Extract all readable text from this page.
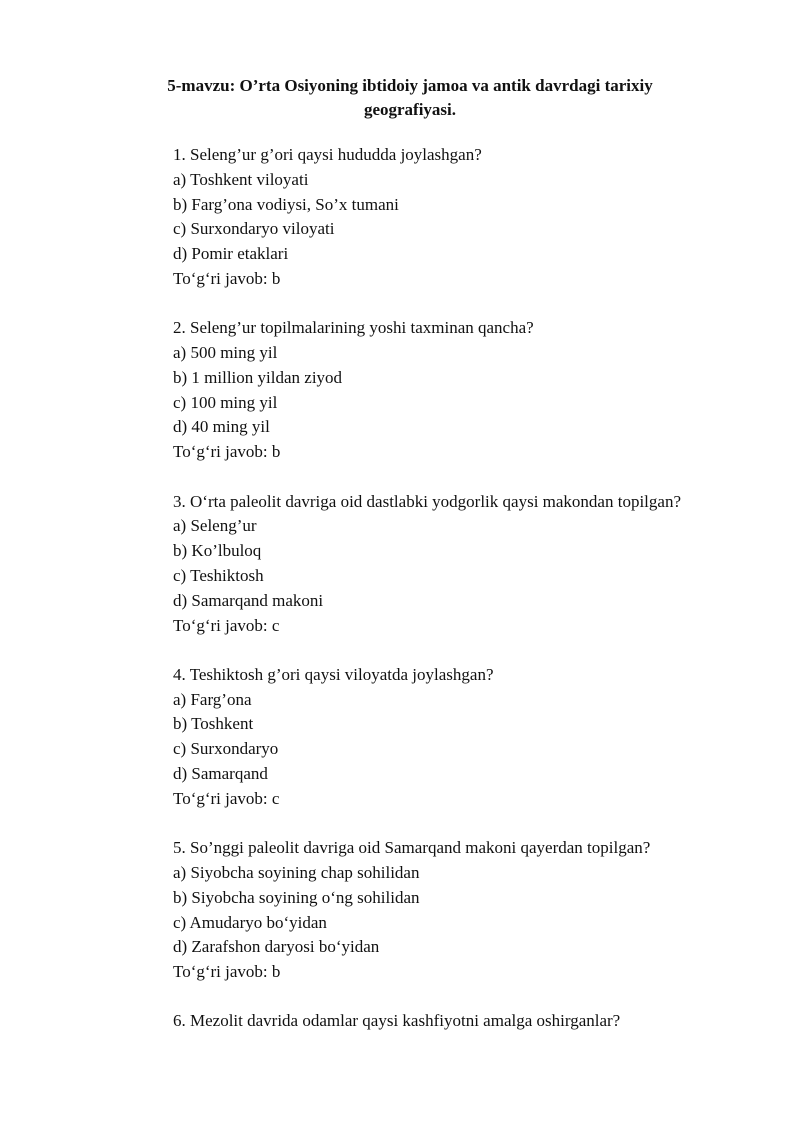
5-mavzu: O’rta Osiyoning ibtidoiy jamoa va antik davrdagi tarixiy
geografiyasi.
1. Seleng’ur g’ori qaysi hududda joylashgan?
a) Toshkent viloyati
b) Farg’ona vodiysi, So’x tumani
c) Surxondaryo viloyati
d) Pomir etaklari
To‘g‘ri javob: b
2. Seleng’ur topilmalarining yoshi taxminan qancha?
a) 500 ming yil
b) 1 million yildan ziyod
c) 100 ming yil
d) 40 ming yil
To‘g‘ri javob: b
3. O‘rta paleolit davriga oid dastlabki yodgorlik qaysi makondan topilgan?
a) Seleng’ur
b) Ko’lbuloq
c) Teshiktosh
d) Samarqand makoni
To‘g‘ri javob: c
4. Teshiktosh g’ori qaysi viloyatda joylashgan?
a) Farg’ona
b) Toshkent
c) Surxondaryo
d) Samarqand
To‘g‘ri javob: c
5. So’nggi paleolit davriga oid Samarqand makoni qayerdan topilgan?
a) Siyobcha soyining chap sohilidan
b) Siyobcha soyining o‘ng sohilidan
c) Amudaryo bo‘yidan
d) Zarafshon daryosi bo‘yidan
To‘g‘ri javob: b
6. Mezolit davrida odamlar qaysi kashfiyotni amalga oshirganlar?
